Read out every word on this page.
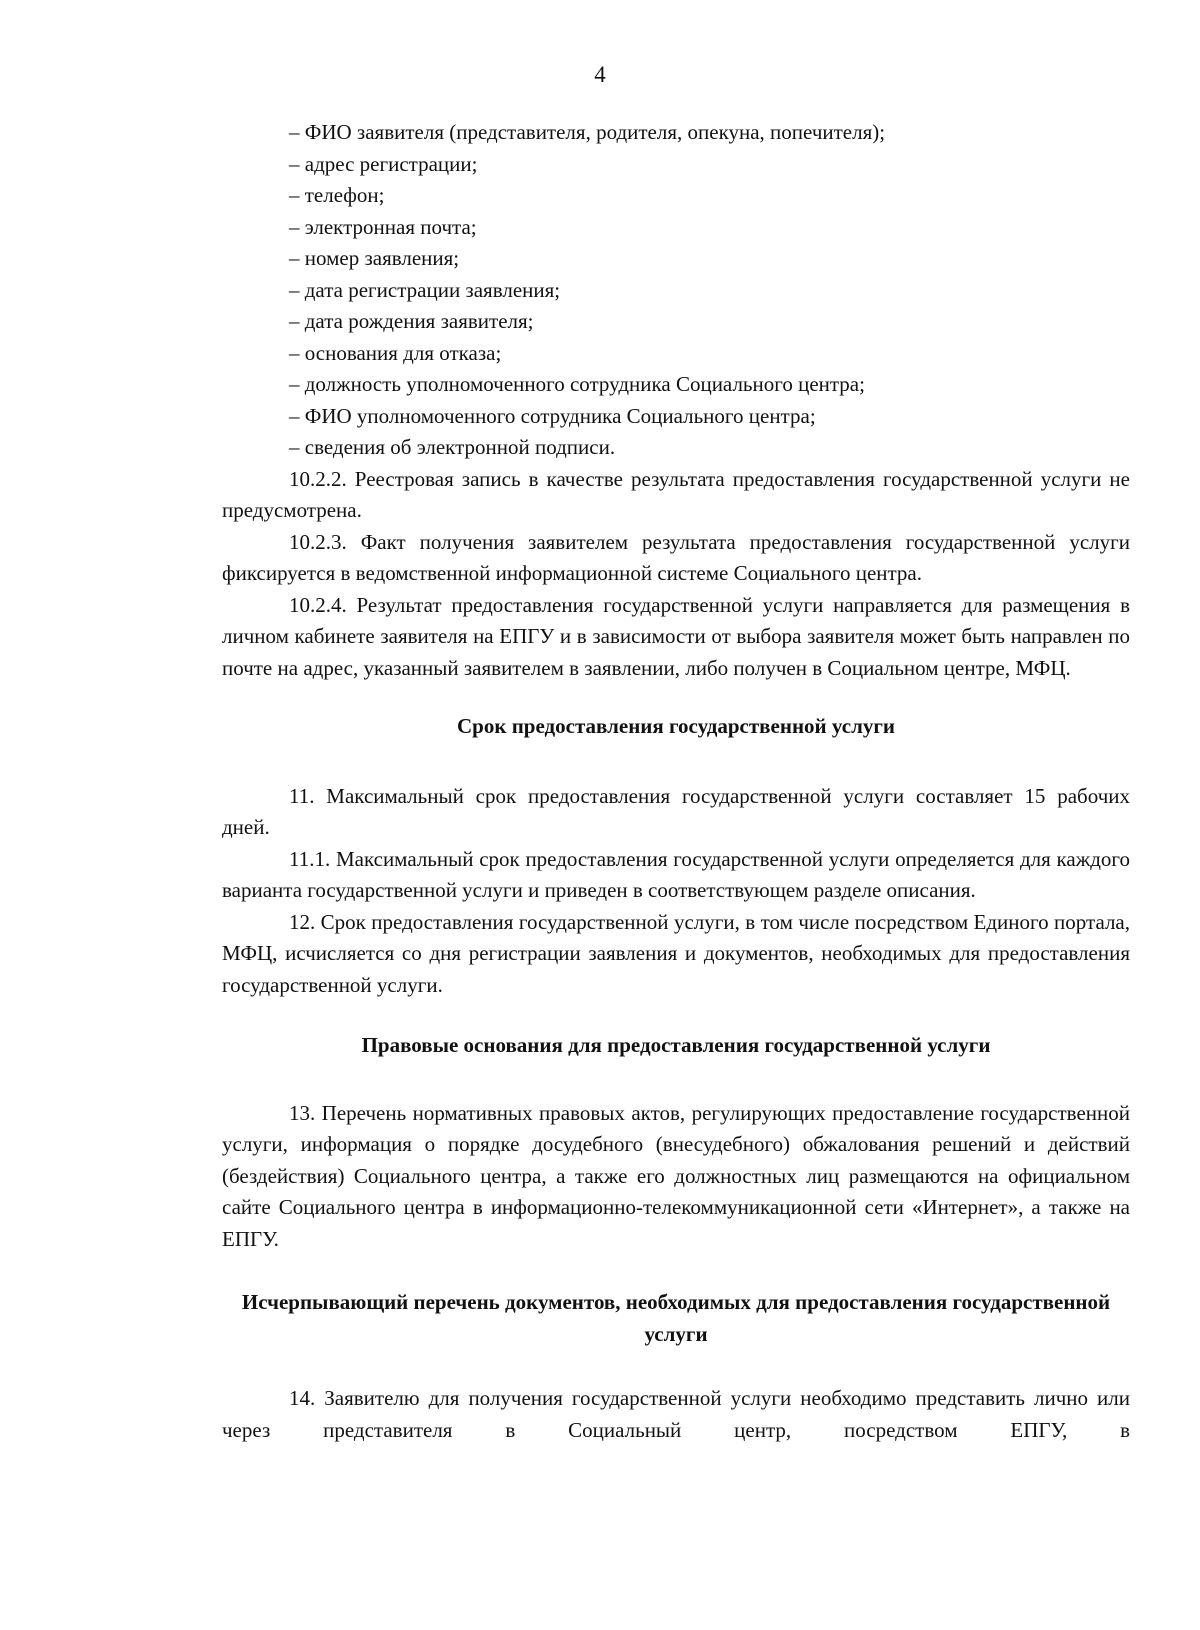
4
– ФИО заявителя (представителя, родителя, опекуна, попечителя);
– адрес регистрации;
– телефон;
– электронная почта;
– номер заявления;
– дата регистрации заявления;
– дата рождения заявителя;
– основания для отказа;
– должность уполномоченного сотрудника Социального центра;
– ФИО уполномоченного сотрудника Социального центра;
– сведения об электронной подписи.

10.2.2. Реестровая запись в качестве результата предоставления государственной услуги не предусмотрена.

10.2.3. Факт получения заявителем результата предоставления государственной услуги фиксируется в ведомственной информационной системе Социального центра.

10.2.4. Результат предоставления государственной услуги направляется для размещения в личном кабинете заявителя на ЕПГУ и в зависимости от выбора заявителя может быть направлен по почте на адрес, указанный заявителем в заявлении, либо получен в Социальном центре, МФЦ.

Срок предоставления государственной услуги

11. Максимальный срок предоставления государственной услуги составляет 15 рабочих дней.

11.1. Максимальный срок предоставления государственной услуги определяется для каждого варианта государственной услуги и приведен в соответствующем разделе описания.

12. Срок предоставления государственной услуги, в том числе посредством Единого портала, МФЦ, исчисляется со дня регистрации заявления и документов, необходимых для предоставления государственной услуги.

Правовые основания для предоставления государственной услуги

13. Перечень нормативных правовых актов, регулирующих предоставление государственной услуги, информация о порядке досудебного (внесудебного) обжалования решений и действий (бездействия) Социального центра, а также его должностных лиц размещаются на официальном сайте Социального центра в информационно-телекоммуникационной сети «Интернет», а также на ЕПГУ.

Исчерпывающий перечень документов, необходимых для предоставления государственной услуги

14. Заявителю для получения государственной услуги необходимо представить лично или через представителя в Социальный центр, посредством ЕПГУ, в
